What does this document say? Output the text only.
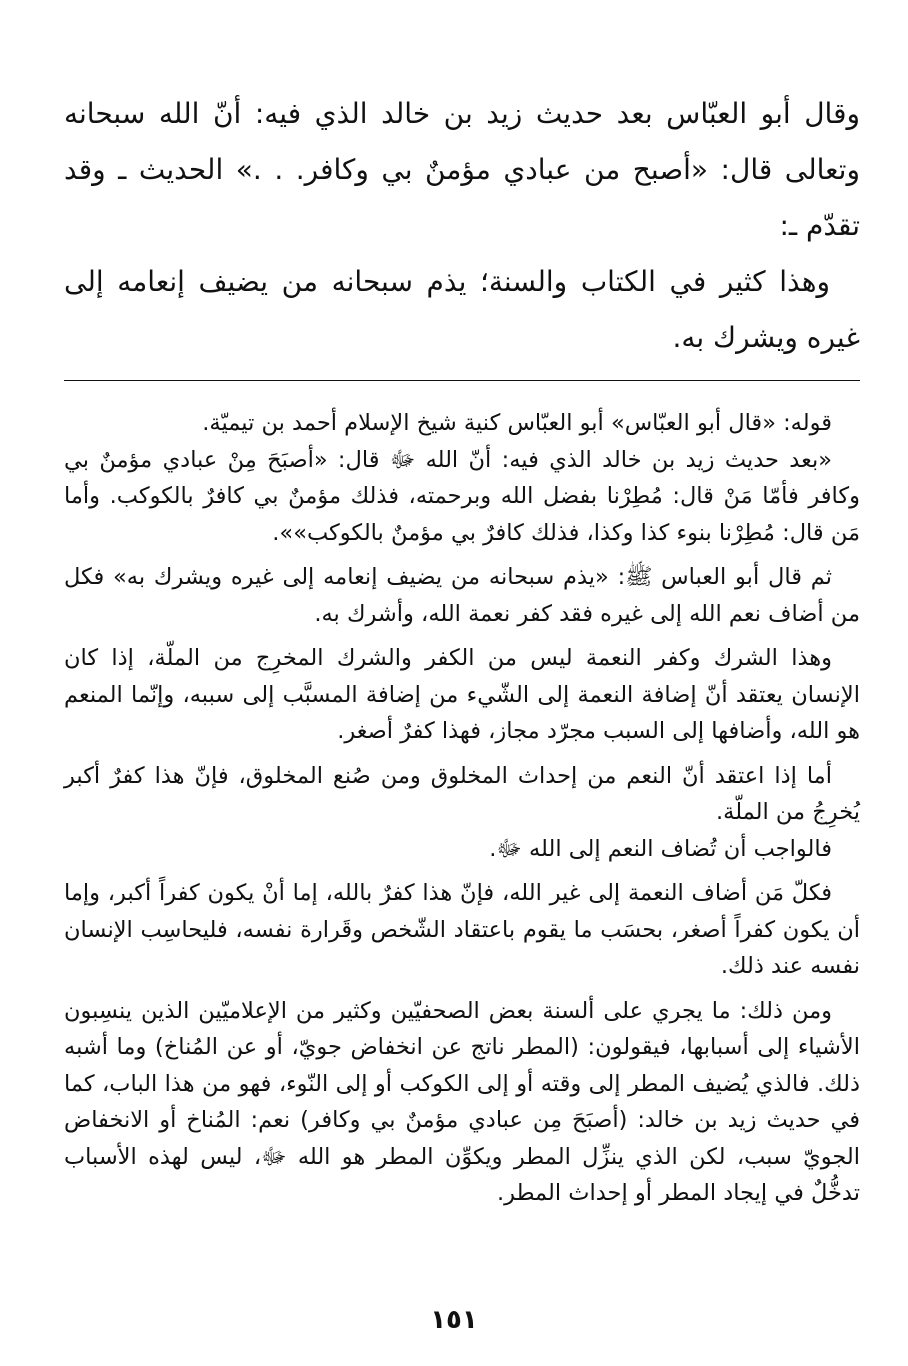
وقال أبو العبّاس بعد حديث زيد بن خالد الذي فيه: أنّ الله سبحانه وتعالى قال: «أصبح من عبادي مؤمنٌ بي وكافر. . .» الحديث ـ وقد تقدّم ـ:

وهذا كثير في الكتاب والسنة؛ يذم سبحانه من يضيف إنعامه إلى غيره ويشرك به.

قوله: «قال أبو العبّاس» أبو العبّاس كنية شيخ الإسلام أحمد بن تيميّة.

«بعد حديث زيد بن خالد الذي فيه: أنّ الله ﷻ قال: «أصبَحَ مِنْ عبادي مؤمنٌ بي وكافر فأمّا مَنْ قال: مُطِرْنا بفضل الله وبرحمته، فذلك مؤمنٌ بي كافرٌ بالكوكب. وأما مَن قال: مُطِرْنا بنوء كذا وكذا، فذلك كافرٌ بي مؤمنٌ بالكوكب»».

ثم قال أبو العباس ﷺ: «يذم سبحانه من يضيف إنعامه إلى غيره ويشرك به» فكل من أضاف نعم الله إلى غيره فقد كفر نعمة الله، وأشرك به.

وهذا الشرك وكفر النعمة ليس من الكفر والشرك المخرِج من الملّة، إذا كان الإنسان يعتقد أنّ إضافة النعمة إلى الشّيء من إضافة المسبَّب إلى سببه، وإنّما المنعم هو الله، وأضافها إلى السبب مجرّد مجاز، فهذا كفرٌ أصغر.

أما إذا اعتقد أنّ النعم من إحداث المخلوق ومن صُنع المخلوق، فإنّ هذا كفرٌ أكبر يُخرِجُ من الملّة.

فالواجب أن تُضاف النعم إلى الله ﷻ.

فكلّ مَن أضاف النعمة إلى غير الله، فإنّ هذا كفرٌ بالله، إما أنْ يكون كفراً أكبر، وإما أن يكون كفراً أصغر، بحسَب ما يقوم باعتقاد الشّخص وقَرارة نفسه، فليحاسِب الإنسان نفسه عند ذلك.

ومن ذلك: ما يجري على ألسنة بعض الصحفيّين وكثير من الإعلاميّين الذين ينسِبون الأشياء إلى أسبابها، فيقولون: (المطر ناتج عن انخفاض جويّ، أو عن المُناخ) وما أشبه ذلك. فالذي يُضيف المطر إلى وقته أو إلى الكوكب أو إلى النّوء، فهو من هذا الباب، كما في حديث زيد بن خالد: (أصبَحَ مِن عبادي مؤمنٌ بي وكافر) نعم: المُناخ أو الانخفاض الجويّ سبب، لكن الذي ينزِّل المطر ويكوِّن المطر هو الله ﷻ، ليس لهذه الأسباب تدخُّلٌ في إيجاد المطر أو إحداث المطر.

١٥١
